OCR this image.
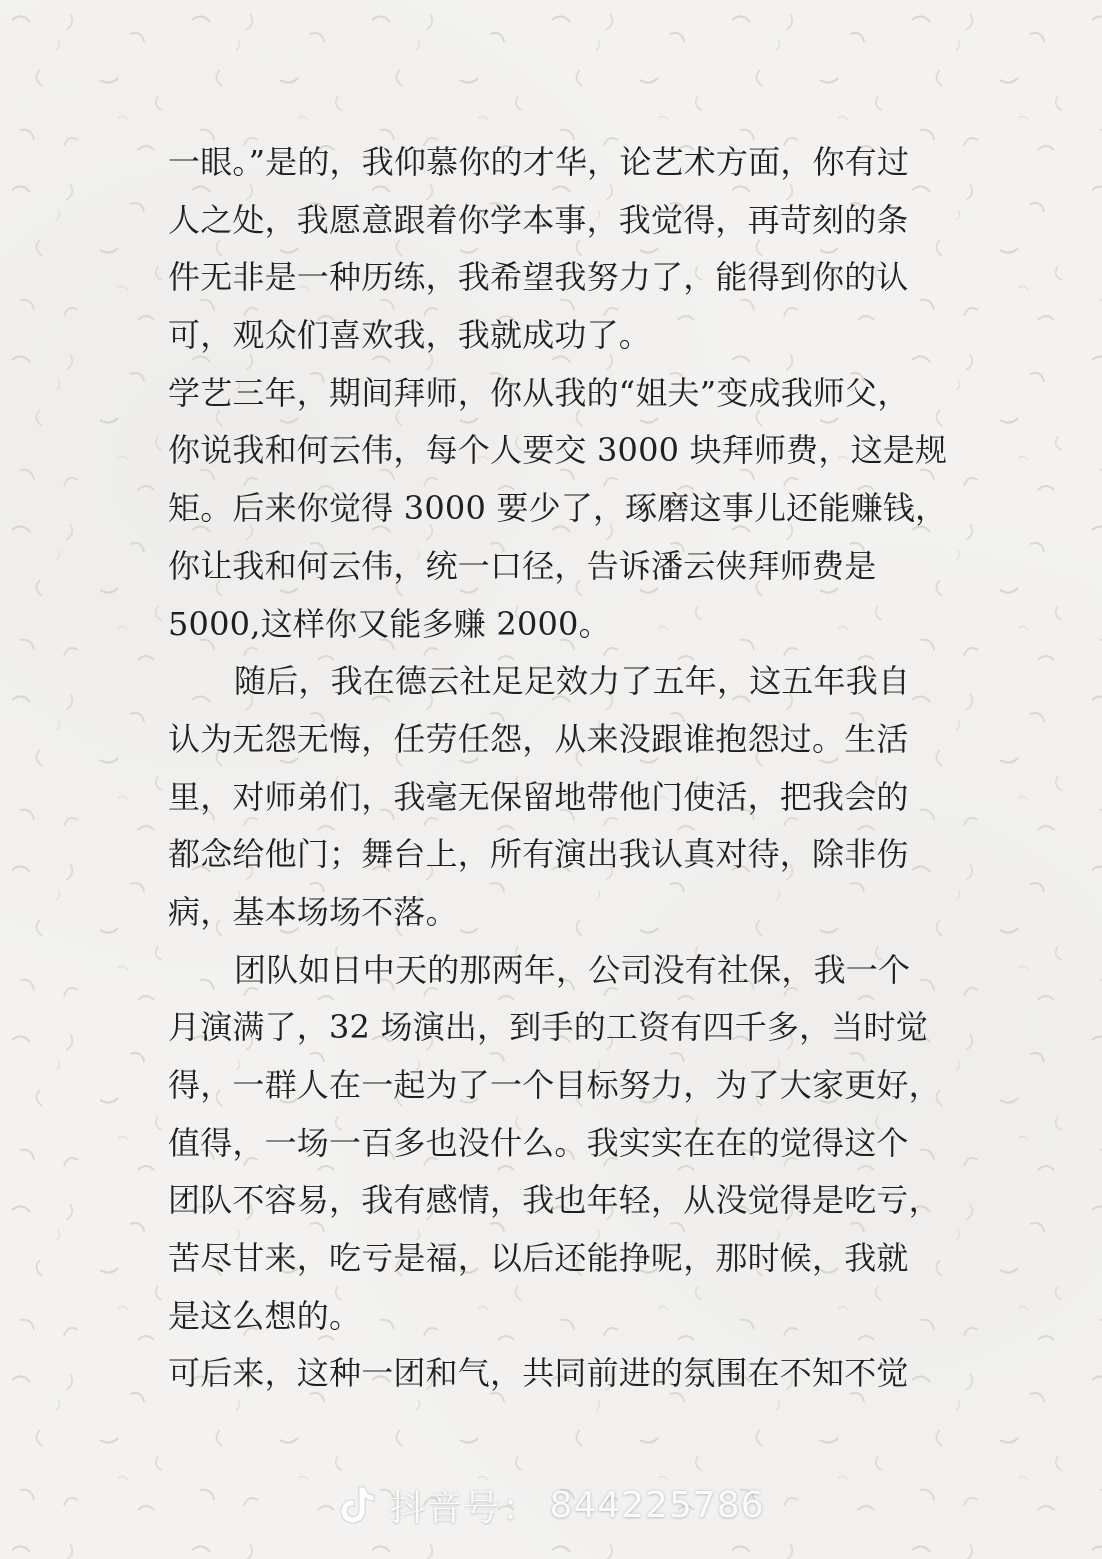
一眼。”是的，我仰慕你的才华，论艺术方面，你有过
人之处，我愿意跟着你学本事，我觉得，再苛刻的条
件无非是一种历练，我希望我努力了，能得到你的认
可，观众们喜欢我，我就成功了。
学艺三年，期间拜师，你从我的“姐夫”变成我师父，
你说我和何云伟，每个人要交 3000 块拜师费，这是规
矩。后来你觉得 3000 要少了，琢磨这事儿还能赚钱，
你让我和何云伟，统一口径，告诉潘云侠拜师费是
5000,这样你又能多赚 2000。
随后，我在德云社足足效力了五年，这五年我自
认为无怨无悔，任劳任怨，从来没跟谁抱怨过。生活
里，对师弟们，我毫无保留地带他门使活，把我会的
都念给他门；舞台上，所有演出我认真对待，除非伤
病，基本场场不落。
团队如日中天的那两年，公司没有社保，我一个
月演满了，32 场演出，到手的工资有四千多，当时觉
得，一群人在一起为了一个目标努力，为了大家更好，
值得，一场一百多也没什么。我实实在在的觉得这个
团队不容易，我有感情，我也年轻，从没觉得是吃亏，
苦尽甘来，吃亏是福，以后还能挣呢，那时候，我就
是这么想的。
可后来，这种一团和气，共同前进的氛围在不知不觉
抖音号 ： 844225786
